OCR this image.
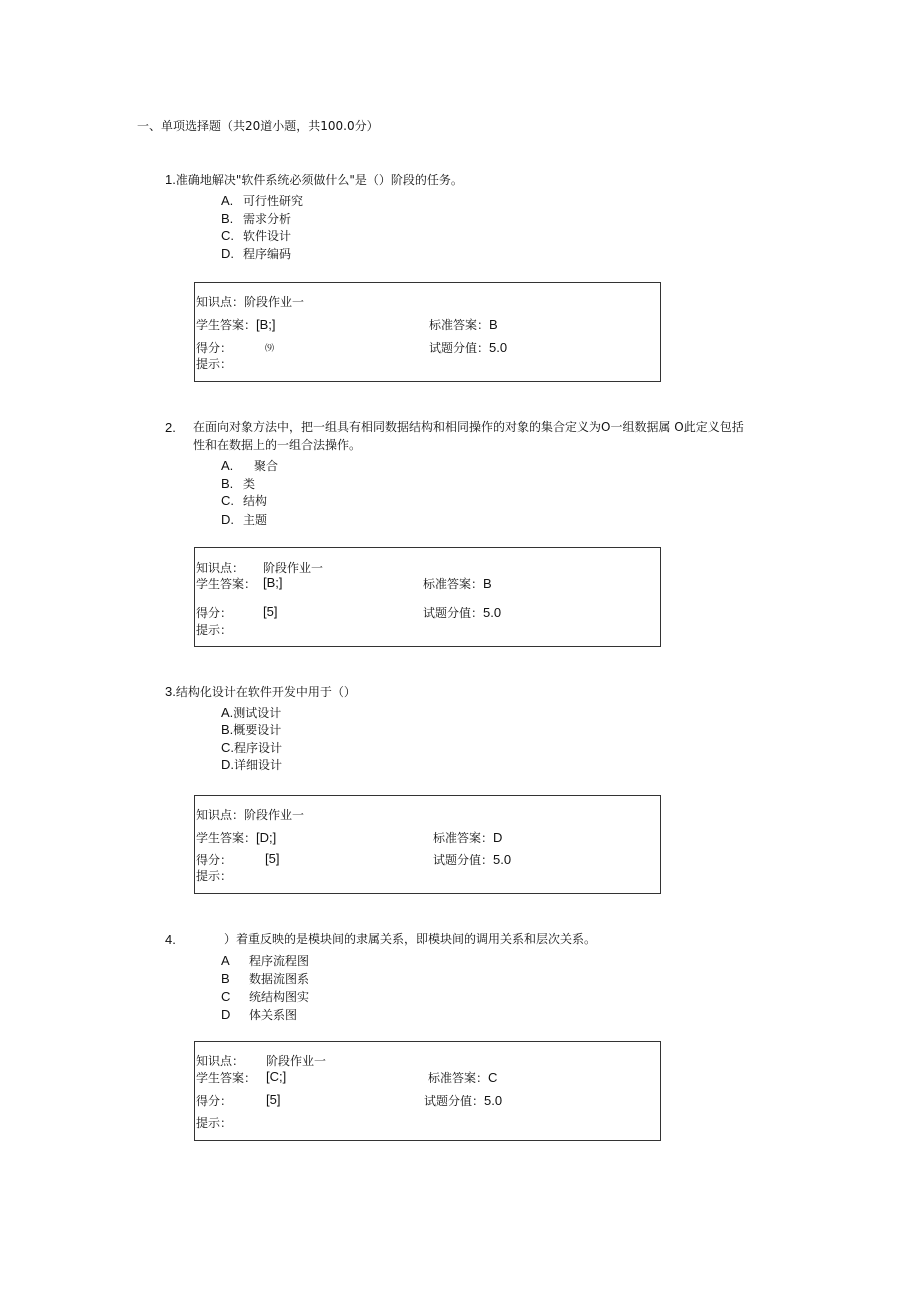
一、单项选择题（共20道小题，共100.0分）
1.准确地解决"软件系统必须做什么"是（）阶段的任务。
A. 可行性研究
B. 需求分析
C. 软件设计
D. 程序编码
知识点：阶段作业一
学生答案：[B;]	标准答案：B
得分：	⑼	试题分值：5.0
提示：
2. 在面向对象方法中，把一组具有相同数据结构和相同操作的对象的集合定义为O一组数据属 O此定义包括
性和在数据上的一组合法操作。
A. 聚合
B. 类
C. 结构
D. 主题
知识点： 阶段作业一
学生答案： [B;]	标准答案：B
得分： [5]	试题分值：5.0
提示：
3.结构化设计在软件开发中用于（）
A.测试设计
B.概要设计
C.程序设计
D.详细设计
知识点：阶段作业一
学生答案：[D;]	标准答案：D
得分：	[5]	试题分值：5.0
提示：
4.	）着重反映的是模块间的隶属关系，即模块间的调用关系和层次关系。
A 程序流程图
B 数据流图系
C 统结构图实
D 体关系图
知识点： 阶段作业一
学生答案： [C;]	标准答案：C
得分：	[5]	试题分值：5.0
提示：
